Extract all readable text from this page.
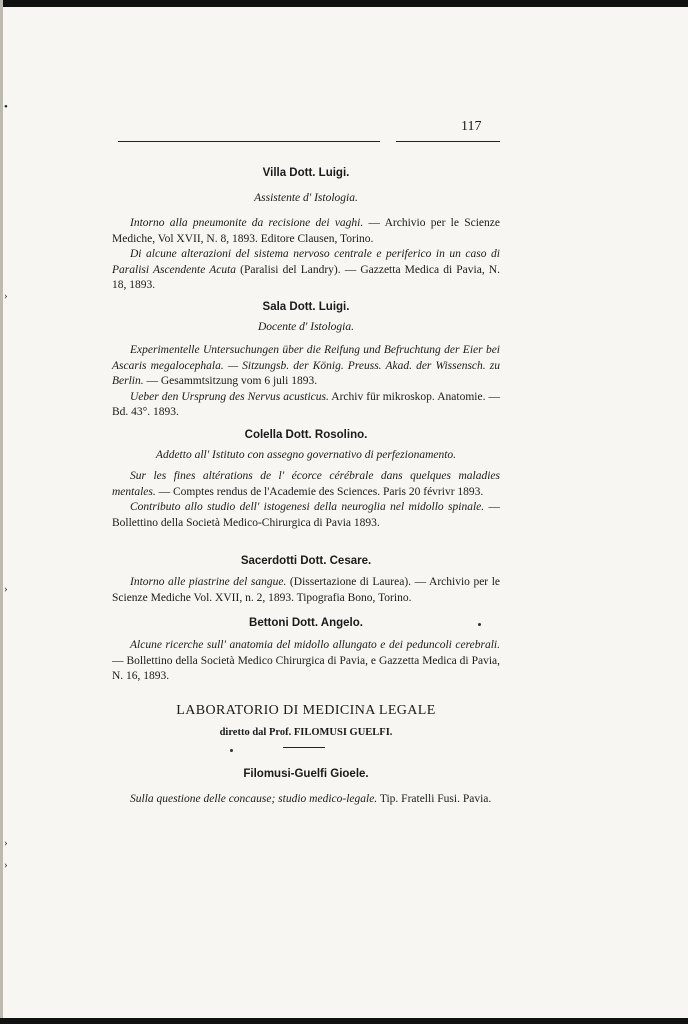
•
›
›
›
›
117
Villa Dott. Luigi.
Assistente d' Istologia.

Intorno alla pneumonite da recisione dei vaghi. — Archivio per le Scienze Mediche, Vol XVII, N. 8, 1893. Editore Clausen, Torino.

Di alcune alterazioni del sistema nervoso centrale e periferico in un caso di Paralisi Ascendente Acuta (Paralisi del Landry). — Gazzetta Medica di Pavia, N. 18, 1893.

Sala Dott. Luigi.
Docente d' Istologia.

Experimentelle Untersuchungen über die Reifung und Befruchtung der Eier bei Ascaris megalocephala. — Sitzungsb. der König. Preuss. Akad. der Wissensch. zu Berlin. — Gesammtsitzung vom 6 juli 1893.

Ueber den Ursprung des Nervus acusticus. Archiv für mikroskop. Anatomie. — Bd. 43°. 1893.

Colella Dott. Rosolino.
Addetto all' Istituto con assegno governativo di perfezionamento.

Sur les fines altérations de l' écorce cérébrale dans quelques maladies mentales. — Comptes rendus de l'Academie des Sciences. Paris 20 févrivr 1893.

Contributo allo studio dell' istogenesi della neuroglia nel midollo spinale. — Bollettino della Società Medico-Chirurgica di Pavia 1893.

Sacerdotti Dott. Cesare.

Intorno alle piastrine del sangue. (Dissertazione di Laurea). — Archivio per le Scienze Mediche Vol. XVII, n. 2, 1893. Tipografia Bono, Torino.

Bettoni Dott. Angelo.

Alcune ricerche sull' anatomia del midollo allungato e dei peduncoli cerebrali. — Bollettino della Società Medico Chirurgica di Pavia, e Gazzetta Medica di Pavia, N. 16, 1893.

LABORATORIO DI MEDICINA LEGALE
diretto dal Prof. FILOMUSI GUELFI.
Filomusi-Guelfi Gioele.

Sulla questione delle concause; studio medico-legale. Tip. Fratelli Fusi. Pavia.
